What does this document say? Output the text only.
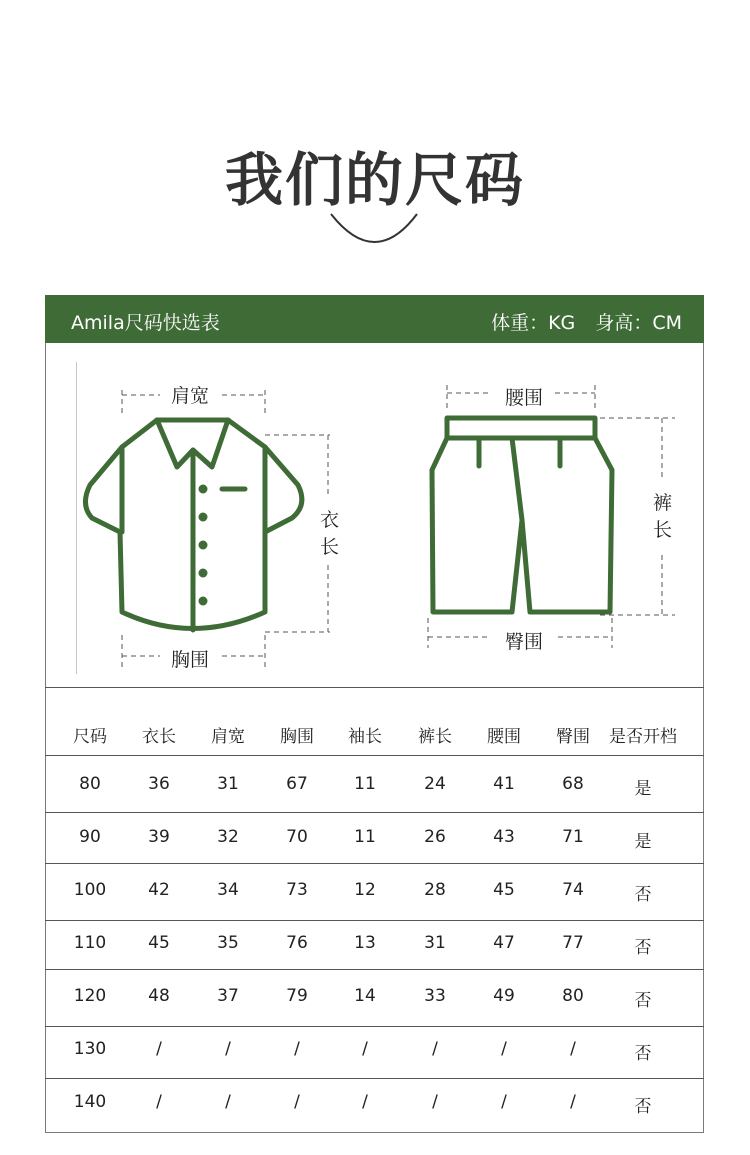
我们的尺码
Amila尺码快选表	体重：KG 身高：CM
肩宽
胸围
衣
长
腰围
臀围
裤
长
尺码	衣长	肩宽	胸围	袖长	裤长	腰围	臀围	是否开档
80	36	31	67	11	24	41	68	是
90	39	32	70	11	26	43	71	是
100	42	34	73	12	28	45	74	否
110	45	35	76	13	31	47	77	否
120	48	37	79	14	33	49	80	否
130	/	/	/	/	/	/	/	否
140	/	/	/	/	/	/	/	否
